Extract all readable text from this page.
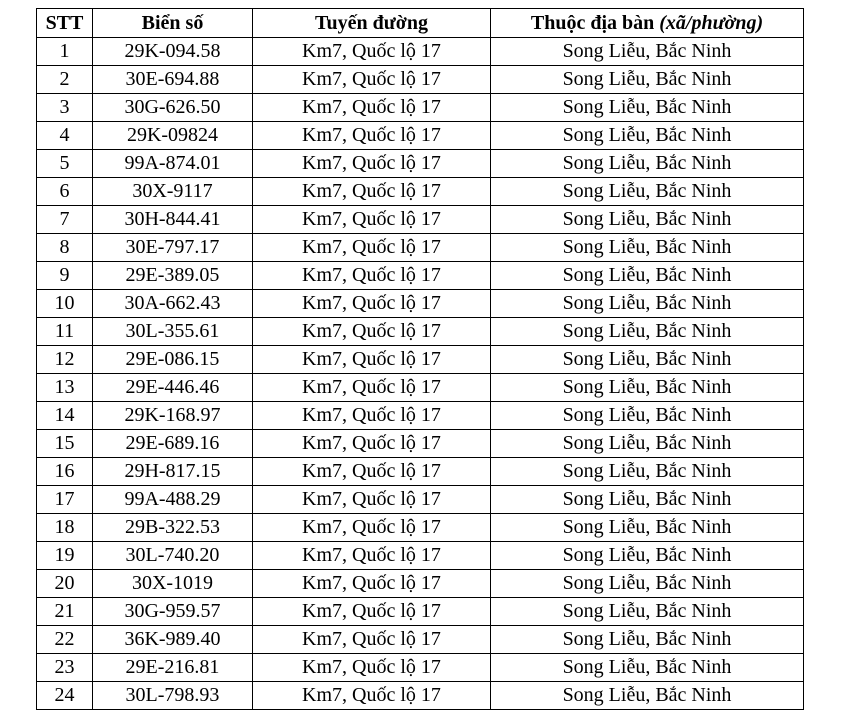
STT	Biển số	Tuyến đường	Thuộc địa bàn (xã/phường)
1	29K-094.58	Km7, Quốc lộ 17	Song Liễu, Bắc Ninh
2	30E-694.88	Km7, Quốc lộ 17	Song Liễu, Bắc Ninh
3	30G-626.50	Km7, Quốc lộ 17	Song Liễu, Bắc Ninh
4	29K-09824	Km7, Quốc lộ 17	Song Liễu, Bắc Ninh
5	99A-874.01	Km7, Quốc lộ 17	Song Liễu, Bắc Ninh
6	30X-9117	Km7, Quốc lộ 17	Song Liễu, Bắc Ninh
7	30H-844.41	Km7, Quốc lộ 17	Song Liễu, Bắc Ninh
8	30E-797.17	Km7, Quốc lộ 17	Song Liễu, Bắc Ninh
9	29E-389.05	Km7, Quốc lộ 17	Song Liễu, Bắc Ninh
10	30A-662.43	Km7, Quốc lộ 17	Song Liễu, Bắc Ninh
11	30L-355.61	Km7, Quốc lộ 17	Song Liễu, Bắc Ninh
12	29E-086.15	Km7, Quốc lộ 17	Song Liễu, Bắc Ninh
13	29E-446.46	Km7, Quốc lộ 17	Song Liễu, Bắc Ninh
14	29K-168.97	Km7, Quốc lộ 17	Song Liễu, Bắc Ninh
15	29E-689.16	Km7, Quốc lộ 17	Song Liễu, Bắc Ninh
16	29H-817.15	Km7, Quốc lộ 17	Song Liễu, Bắc Ninh
17	99A-488.29	Km7, Quốc lộ 17	Song Liễu, Bắc Ninh
18	29B-322.53	Km7, Quốc lộ 17	Song Liễu, Bắc Ninh
19	30L-740.20	Km7, Quốc lộ 17	Song Liễu, Bắc Ninh
20	30X-1019	Km7, Quốc lộ 17	Song Liễu, Bắc Ninh
21	30G-959.57	Km7, Quốc lộ 17	Song Liễu, Bắc Ninh
22	36K-989.40	Km7, Quốc lộ 17	Song Liễu, Bắc Ninh
23	29E-216.81	Km7, Quốc lộ 17	Song Liễu, Bắc Ninh
24	30L-798.93	Km7, Quốc lộ 17	Song Liễu, Bắc Ninh
